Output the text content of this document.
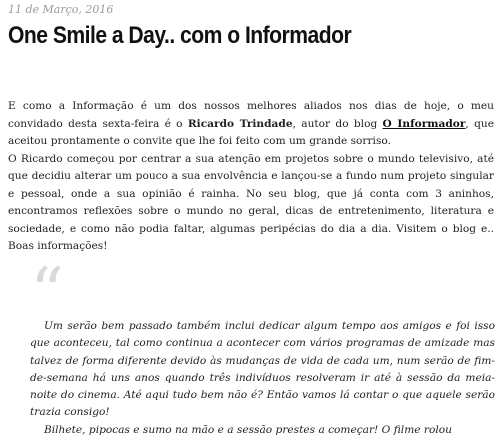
11 de Março, 2016
One Smile a Day.. com o Informador

E como a Informação é um dos nossos melhores aliados nos dias de hoje, o meu convidado desta sexta-feira é o Ricardo Trindade, autor do blog O Informador, que aceitou prontamente o convite que lhe foi feito com um grande sorriso.

O Ricardo começou por centrar a sua atenção em projetos sobre o mundo televisivo, até que decidiu alterar um pouco a sua envolvência e lançou-se a fundo num projeto singular e pessoal, onde a sua opinião é rainha. No seu blog, que já conta com 3 aninhos, encontramos reflexões sobre o mundo no geral, dicas de entretenimento, literatura e sociedade, e como não podia faltar, algumas peripécias do dia a dia. Visitem o blog e.. Boas informações!

“

Um serão bem passado também inclui dedicar algum tempo aos amigos e foi isso que aconteceu, tal como continua a acontecer com vários programas de amizade mas talvez de forma diferente devido às mudanças de vida de cada um, num serão de fim-de-semana há uns anos quando três indivíduos resolveram ir até à sessão da meia-noite do cinema. Até aqui tudo bem não é? Então vamos lá contar o que aquele serão trazia consigo!

Bilhete, pipocas e sumo na mão e a sessão prestes a começar! O filme rolou
